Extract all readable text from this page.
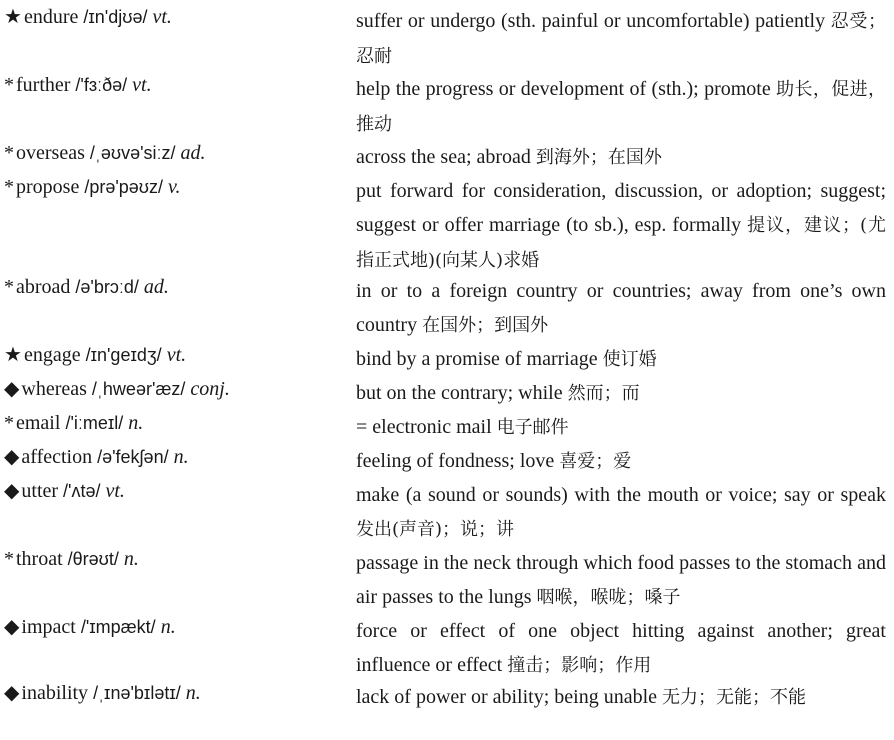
★ endure /ɪn'djʊə/ vt.	suffer or undergo (sth. painful or uncomfortable) patiently 忍受；忍耐
* further /'fɜːðə/ vt.	help the progress or development of (sth.); promote 助长，促进，推动
* overseas /ˌəʊvə'siːz/ ad.	across the sea; abroad 到海外；在国外
* propose /prə'pəʊz/ v.	put forward for consideration, discussion, or adoption; suggest; suggest or offer marriage (to sb.), esp. formally 提议，建议；(尤指正式地)(向某人)求婚
* abroad /ə'brɔːd/ ad.	in or to a foreign country or countries; away from one’s own country 在国外；到国外
★ engage /ɪn'geɪdʒ/ vt.	bind by a promise of marriage 使订婚
◆ whereas /ˌhweər'æz/ conj.	but on the contrary; while 然而；而
* email /'iːmeɪl/ n.	= electronic mail 电子邮件
◆ affection /ə'fekʃən/ n.	feeling of fondness; love 喜爱；爱
◆ utter /'ʌtə/ vt.	make (a sound or sounds) with the mouth or voice; say or speak 发出(声音)；说；讲
* throat /θrəʊt/ n.	passage in the neck through which food passes to the stomach and air passes to the lungs 咽喉，喉咙；嗓子
◆ impact /'ɪmpækt/ n.	force or effect of one object hitting against another; great influence or effect 撞击；影响；作用
◆ inability /ˌɪnə'bɪlətɪ/ n.	lack of power or ability; being unable 无力；无能；不能
